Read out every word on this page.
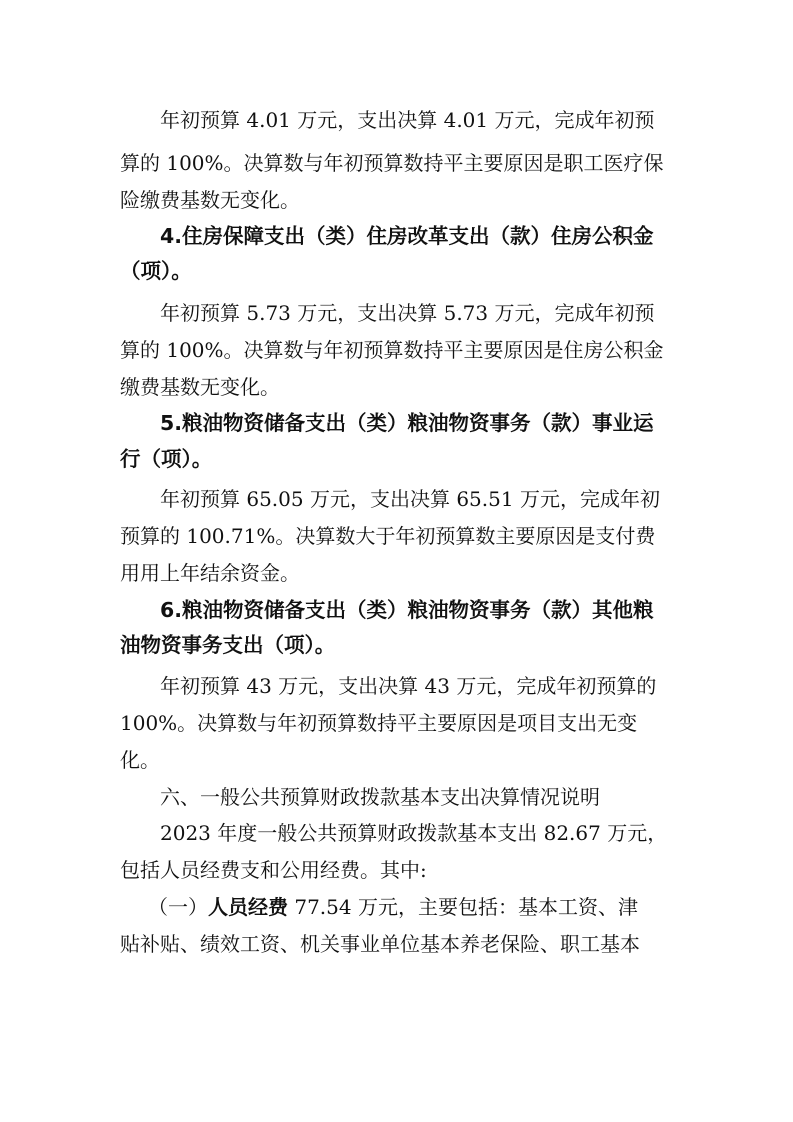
年初预算 4.01 万元，支出决算 4.01 万元，完成年初预
算的 100%。决算数与年初预算数持平主要原因是职工医疗保
险缴费基数无变化。
4.住房保障支出（类）住房改革支出（款）住房公积金
（项）。
年初预算 5.73 万元，支出决算 5.73 万元，完成年初预
算的 100%。决算数与年初预算数持平主要原因是住房公积金
缴费基数无变化。
5.粮油物资储备支出（类）粮油物资事务（款）事业运
行（项）。
年初预算 65.05 万元，支出决算 65.51 万元，完成年初
预算的 100.71%。决算数大于年初预算数主要原因是支付费
用用上年结余资金。
6.粮油物资储备支出（类）粮油物资事务（款）其他粮
油物资事务支出（项）。
年初预算 43 万元，支出决算 43 万元，完成年初预算的
100%。决算数与年初预算数持平主要原因是项目支出无变
化。
六、一般公共预算财政拨款基本支出决算情况说明
2023 年度一般公共预算财政拨款基本支出 82.67 万元，
包括人员经费支和公用经费。其中:
（一）人员经费 77.54 万元，主要包括：基本工资、津
贴补贴、绩效工资、机关事业单位基本养老保险、职工基本
